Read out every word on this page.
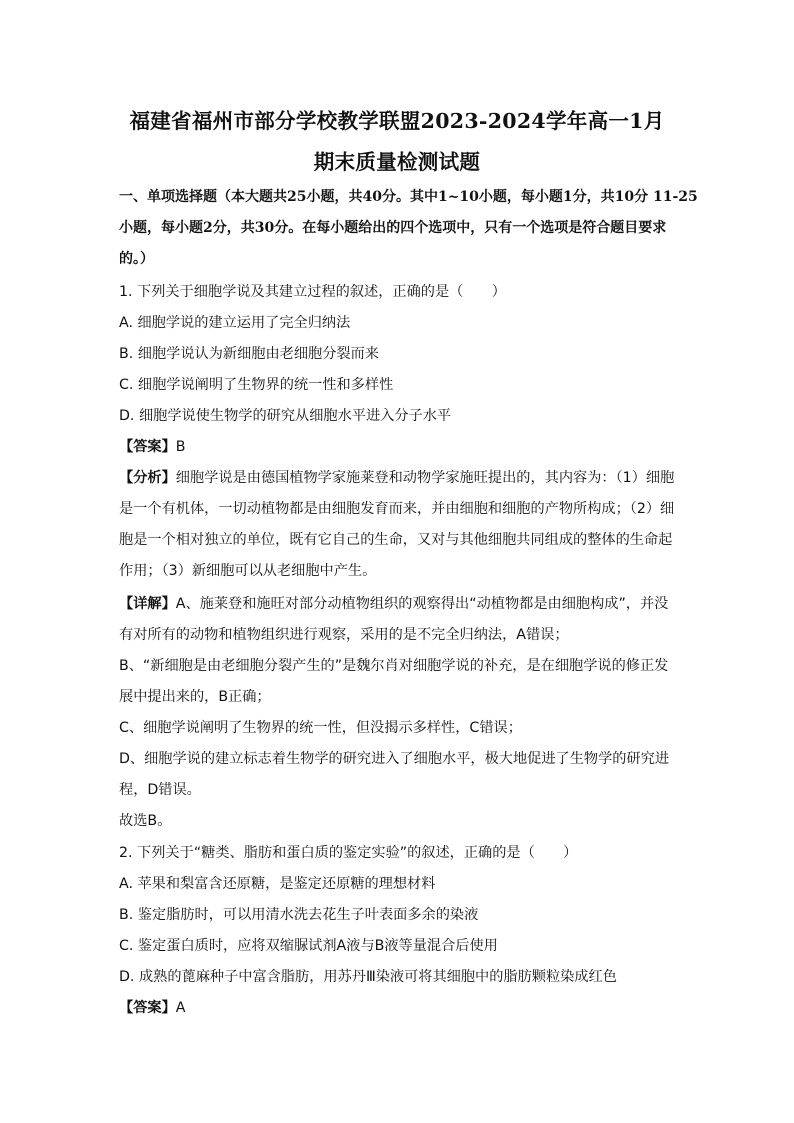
福建省福州市部分学校教学联盟2023-2024学年高一1月
期末质量检测试题
一、单项选择题（本大题共25小题，共40分。其中1~10小题，每小题1分，共10分 11-25
小题，每小题2分，共30分。在每小题给出的四个选项中，只有一个选项是符合题目要求
的。）
1. 下列关于细胞学说及其建立过程的叙述，正确的是（　　）
A. 细胞学说的建立运用了完全归纳法
B. 细胞学说认为新细胞由老细胞分裂而来
C. 细胞学说阐明了生物界的统一性和多样性
D. 细胞学说使生物学的研究从细胞水平进入分子水平
【答案】B
【分析】细胞学说是由德国植物学家施莱登和动物学家施旺提出的，其内容为：（1）细胞
是一个有机体，一切动植物都是由细胞发育而来，并由细胞和细胞的产物所构成；（2）细
胞是一个相对独立的单位，既有它自己的生命，又对与其他细胞共同组成的整体的生命起
作用；（3）新细胞可以从老细胞中产生。
【详解】A、施莱登和施旺对部分动植物组织的观察得出“动植物都是由细胞构成”，并没
有对所有的动物和植物组织进行观察，采用的是不完全归纳法，A错误；
B、“新细胞是由老细胞分裂产生的”是魏尔肖对细胞学说的补充，是在细胞学说的修正发
展中提出来的，B正确；
C、细胞学说阐明了生物界的统一性，但没揭示多样性，C错误；
D、细胞学说的建立标志着生物学的研究进入了细胞水平，极大地促进了生物学的研究进
程，D错误。
故选B。
2. 下列关于“糖类、脂肪和蛋白质的鉴定实验”的叙述，正确的是（　　）
A. 苹果和梨富含还原糖，是鉴定还原糖的理想材料
B. 鉴定脂肪时，可以用清水洗去花生子叶表面多余的染液
C. 鉴定蛋白质时，应将双缩脲试剂A液与B液等量混合后使用
D. 成熟的蓖麻种子中富含脂肪，用苏丹Ⅲ染液可将其细胞中的脂肪颗粒染成红色
【答案】A
